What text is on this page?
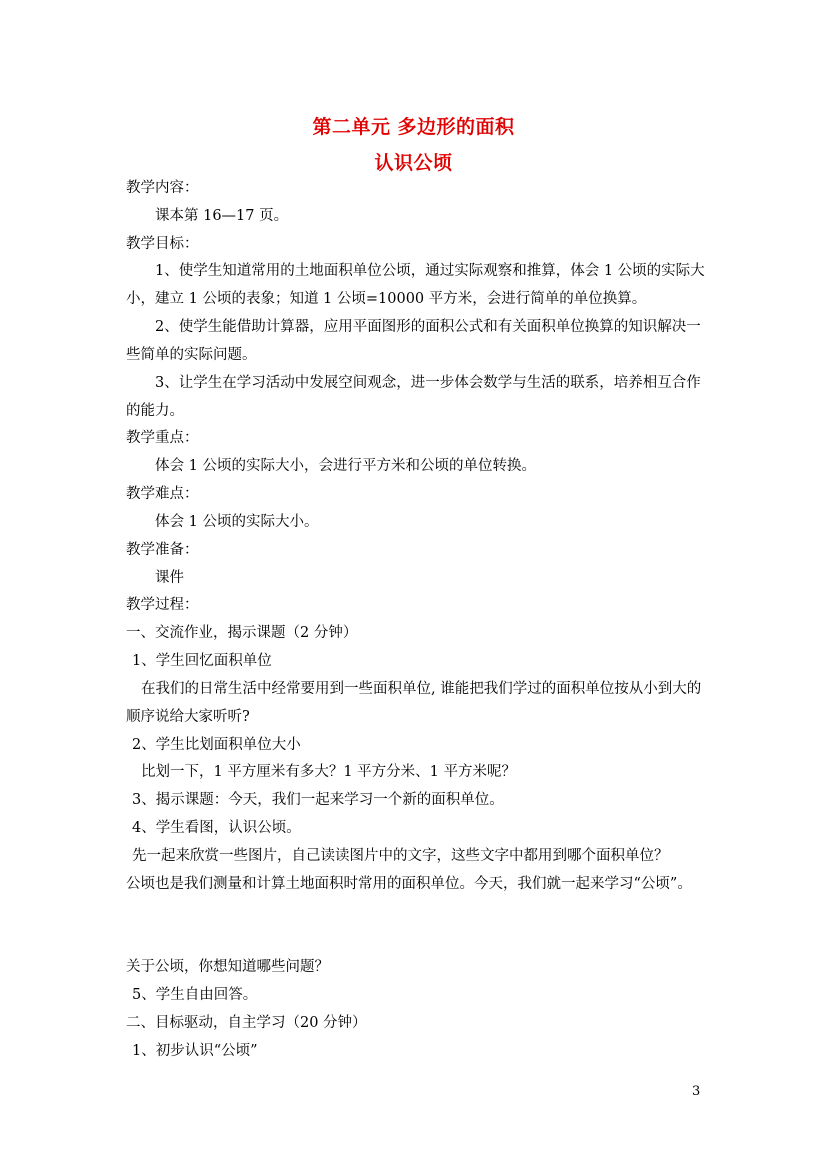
第二单元 多边形的面积
认识公顷
教学内容：
课本第 16—17 页。
教学目标：
1、使学生知道常用的土地面积单位公顷，通过实际观察和推算，体会 1 公顷的实际大
小，建立 1 公顷的表象；知道 1 公顷=10000 平方米，会进行简单的单位换算。
2、使学生能借助计算器，应用平面图形的面积公式和有关面积单位换算的知识解决一
些简单的实际问题。
3、让学生在学习活动中发展空间观念，进一步体会数学与生活的联系，培养相互合作
的能力。
教学重点：
体会 1 公顷的实际大小，会进行平方米和公顷的单位转换。
教学难点：
体会 1 公顷的实际大小。
教学准备：
课件
教学过程：
一、交流作业，揭示课题（2 分钟）
1、学生回忆面积单位
在我们的日常生活中经常要用到一些面积单位, 谁能把我们学过的面积单位按从小到大的
顺序说给大家听听?
2、学生比划面积单位大小
比划一下，1 平方厘米有多大？1 平方分米、1 平方米呢？
3、揭示课题：今天，我们一起来学习一个新的面积单位。
4、学生看图，认识公顷。
先一起来欣赏一些图片，自己读读图片中的文字，这些文字中都用到哪个面积单位？
公顷也是我们测量和计算土地面积时常用的面积单位。今天，我们就一起来学习“公顷”。
关于公顷，你想知道哪些问题？
5、学生自由回答。
二、目标驱动，自主学习（20 分钟）
1、初步认识“公顷”
3
